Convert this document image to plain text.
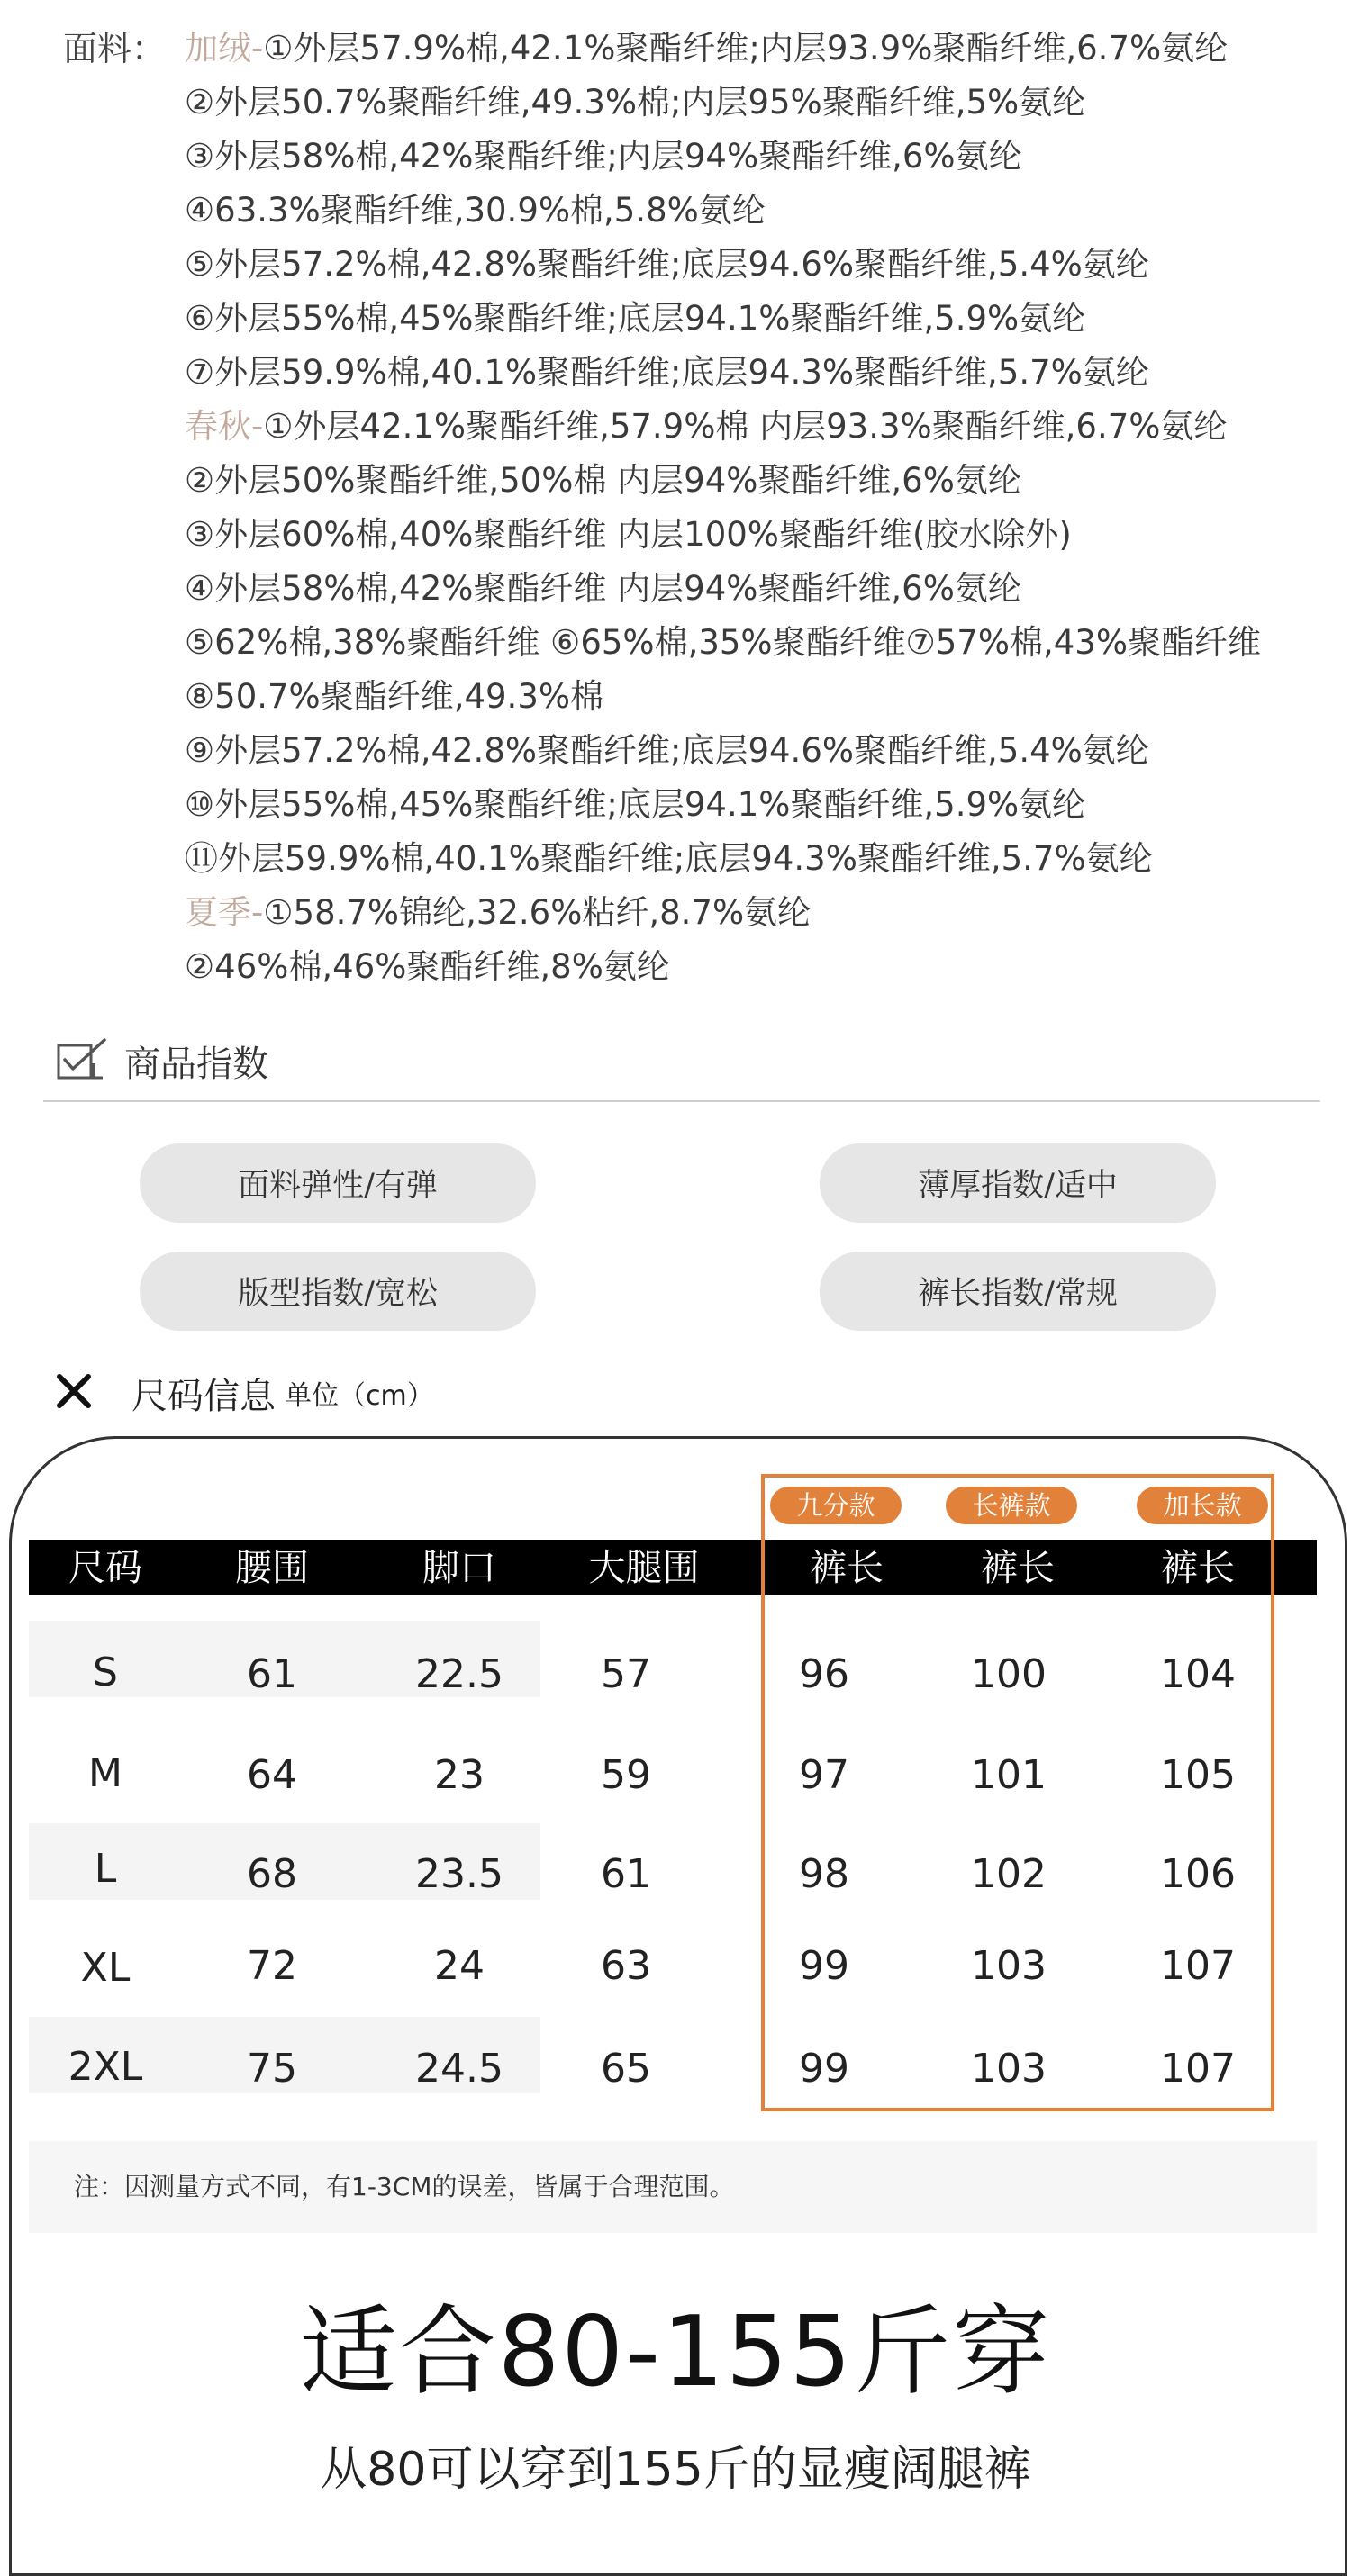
面料： 加绒-①外层57.9%棉,42.1%聚酯纤维;内层93.9%聚酯纤维,6.7%氨纶
②外层50.7%聚酯纤维,49.3%棉;内层95%聚酯纤维,5%氨纶
③外层58%棉,42%聚酯纤维;内层94%聚酯纤维,6%氨纶
④63.3%聚酯纤维,30.9%棉,5.8%氨纶
⑤外层57.2%棉,42.8%聚酯纤维;底层94.6%聚酯纤维,5.4%氨纶
⑥外层55%棉,45%聚酯纤维;底层94.1%聚酯纤维,5.9%氨纶
⑦外层59.9%棉,40.1%聚酯纤维;底层94.3%聚酯纤维,5.7%氨纶
春秋-①外层42.1%聚酯纤维,57.9%棉 内层93.3%聚酯纤维,6.7%氨纶
②外层50%聚酯纤维,50%棉 内层94%聚酯纤维,6%氨纶
③外层60%棉,40%聚酯纤维 内层100%聚酯纤维(胶水除外)
④外层58%棉,42%聚酯纤维 内层94%聚酯纤维,6%氨纶
⑤62%棉,38%聚酯纤维 ⑥65%棉,35%聚酯纤维⑦57%棉,43%聚酯纤维
⑧50.7%聚酯纤维,49.3%棉
⑨外层57.2%棉,42.8%聚酯纤维;底层94.6%聚酯纤维,5.4%氨纶
⑩外层55%棉,45%聚酯纤维;底层94.1%聚酯纤维,5.9%氨纶
⑪外层59.9%棉,40.1%聚酯纤维;底层94.3%聚酯纤维,5.7%氨纶
夏季-①58.7%锦纶,32.6%粘纤,8.7%氨纶
②46%棉,46%聚酯纤维,8%氨纶
商品指数
面料弹性/有弹	薄厚指数/适中
版型指数/宽松	裤长指数/常规
尺码信息 单位（cm）
九分款	长裤款	加长款
尺码	腰围	脚口	大腿围	裤长	裤长	裤长
S	61	22.5	57	96	100	104
M	64	23	59	97	101	105
L	68	23.5	61	98	102	106
XL	72	24	63	99	103	107
2XL	75	24.5	65	99	103	107
注：因测量方式不同，有1-3CM的误差，皆属于合理范围。
适合80-155斤穿
从80可以穿到155斤的显瘦阔腿裤
